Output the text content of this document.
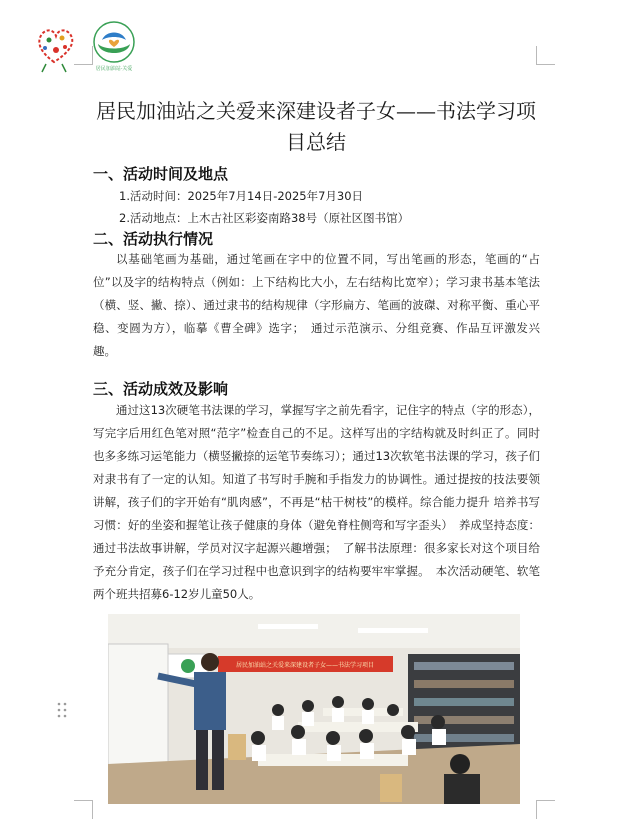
居民加油站·关爱
居民加油站之关爱来深建设者子女——书法学习项目总结
一、活动时间及地点
1.活动时间：2025年7月14日-2025年7月30日
2.活动地点：上木古社区彩姿南路38号（原社区图书馆）
二、活动执行情况
以基础笔画为基础，通过笔画在字中的位置不同，写出笔画的形态，笔画的“占位”以及字的结构特点（例如：上下结构比大小，左右结构比宽窄）；学习隶书基本笔法（横、竖、撇、捺）、通过隶书的结构规律（字形扁方、笔画的波磔、对称平衡、重心平稳、变圆为方），临摹《曹全碑》选字；　通过示范演示、分组竞赛、作品互评激发兴趣。
三、活动成效及影响
通过这13次硬笔书法课的学习，掌握写字之前先看字，记住字的特点（字的形态），写完字后用红色笔对照“范字”检查自己的不足。这样写出的字结构就及时纠正了。同时也多多练习运笔能力（横竖撇捺的运笔节奏练习）；通过13次软笔书法课的学习，孩子们对隶书有了一定的认知。知道了书写时手腕和手指发力的协调性。通过提按的技法要领讲解，孩子们的字开始有“肌肉感”，不再是“枯干树枝”的模样。综合能力提升 培养书写习惯：好的坐姿和握笔让孩子健康的身体（避免脊柱侧弯和写字歪头）　养成坚持态度：通过书法故事讲解，学员对汉字起源兴趣增强；　了解书法原理：很多家长对这个项目给予充分肯定，孩子们在学习过程中也意识到字的结构要牢牢掌握。　本次活动硬笔、软笔两个班共招募6-12岁儿童50人。
居民加油站之关爱来深建设者子女——书法学习项目
